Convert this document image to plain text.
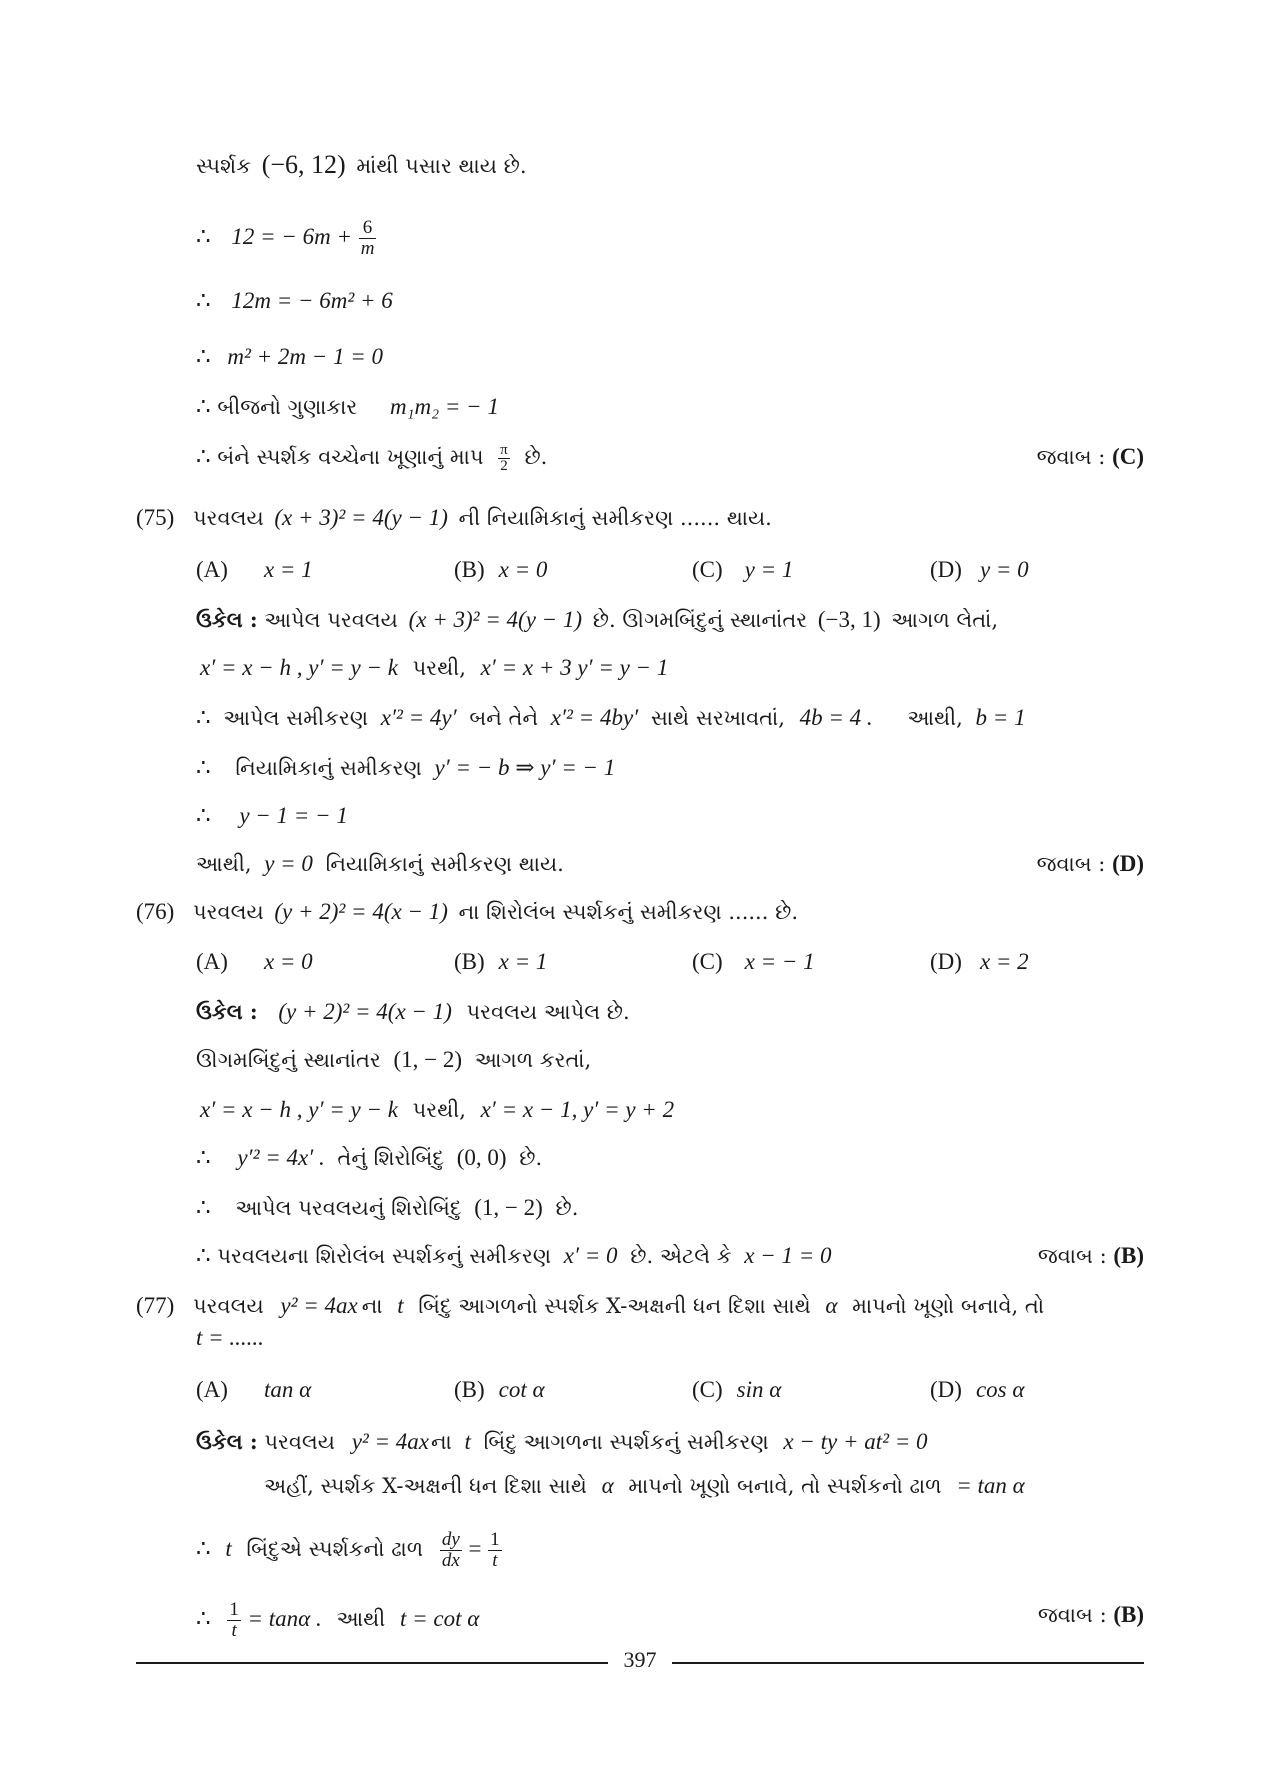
સ્પર્શક (−6, 12) માંથી પસાર થાય છે.
∴ 12 = − $6m + \frac{6}{m}$
∴ 12m = − 6m² + 6
∴ m² + 2m − 1 = 0
∴ બીજનો ગુણાકાર m₁m₂ = − 1
∴ બંને સ્પર્શક વચ્ચેના ખૂણાનું માપ $\frac{\pi}{2}$ છે.	જવાબ : (C)
(75) પરવલય (x + 3)² = 4(y − 1) ની નિયામિકાનું સમીકરણ ...... થાય.
(A) x = 1	(B) x = 0	(C) y = 1	(D) y = 0
ઉકેલ : આપેલ પરવલય (x + 3)² = 4(y − 1) છે. ઊગમબિંદુનું સ્થાનાંતર (−3, 1) આગળ લેતાં,
x′ = x − h , y′ = y − k પરથી, x′ = x + 3 y′ = y − 1
∴ આપેલ સમીકરણ x′² = 4y′ બને તેને x′² = 4by′ સાથે સરખાવતાં, 4b = 4 . આથી, b = 1
∴ નિયામિકાનું સમીકરણ y′ = − b ⇒ y′ = − 1
∴ y − 1 = − 1
આથી, y = 0 નિયામિકાનું સમીકરણ થાય.	જવાબ : (D)
(76) પરવલય (y + 2)² = 4(x − 1) ના શિરોલંબ સ્પર્શકનું સમીકરણ ...... છે.
(A) x = 0	(B) x = 1	(C) x = − 1	(D) x = 2
ઉકેલ : (y + 2)² = 4(x − 1) પરવલય આપેલ છે.
ઊગમબિંદુનું સ્થાનાંતર (1, − 2) આગળ કરતાં,
x′ = x − h , y′ = y − k પરથી, x′ = x − 1, y′ = y + 2
∴ y′² = 4x′ . તેનું શિરોબિંદુ (0, 0) છે.
∴ આપેલ પરવલયનું શિરોબિંદુ (1, − 2) છે.
∴ પરવલયના શિરોલંબ સ્પર્શકનું સમીકરણ x′ = 0 છે. એટલે કે x − 1 = 0	જવાબ : (B)
(77) પરવલય y² = 4ax ના t બિંદુ આગળનો સ્પર્શક X-અક્ષની ધન દિશા સાથે α માપનો ખૂણો બનાવે, તો
t = ......
(A) tan α	(B) cot α	(C) sin α	(D) cos α
ઉકેલ : પરવલય y² = 4axના t બિંદુ આગળના સ્પર્શકનું સમીકરણ x − ty + at² = 0
અહીં, સ્પર્શક X-અક્ષની ધન દિશા સાથે α માપનો ખૂણો બનાવે, તો સ્પર્શકનો ઢાળ = tan α
∴ t બિંદુએ સ્પર્શકનો ઢાળ $\frac{dy}{dx} = \frac{1}{t}$
∴ $\frac{1}{t} = \tan\alpha$ . આથી t = cot α	જવાબ : (B)
397
